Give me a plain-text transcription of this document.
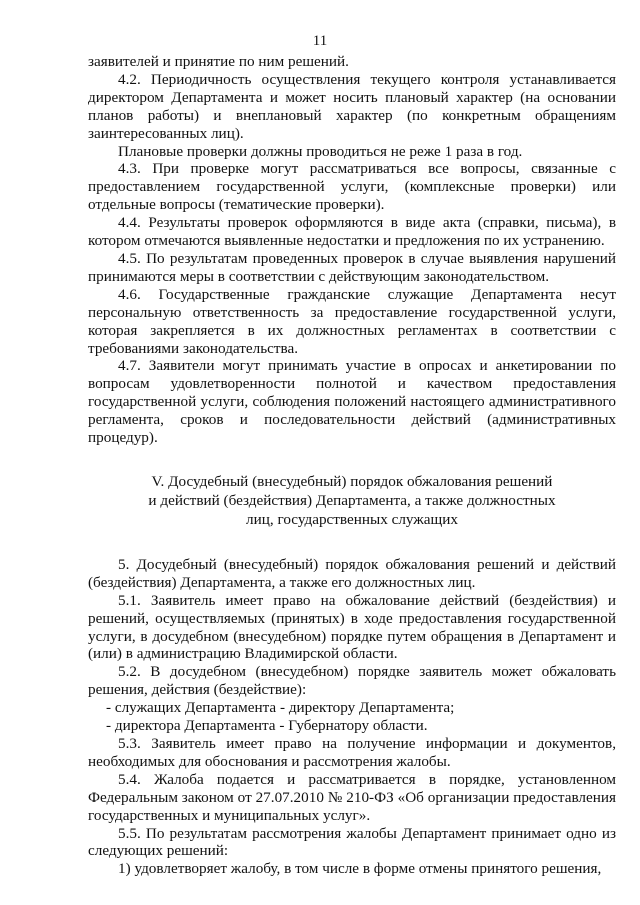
11

заявителей и принятие по ним решений.

4.2. Периодичность осуществления текущего контроля устанавливается директором Департамента и может носить плановый характер (на основании планов работы) и внеплановый характер (по конкретным обращениям заинтересованных лиц).

Плановые проверки должны проводиться не реже 1 раза в год.

4.3. При проверке могут рассматриваться все вопросы, связанные с предоставлением государственной услуги, (комплексные проверки) или отдельные вопросы (тематические проверки).

4.4. Результаты проверок оформляются в виде акта (справки, письма), в котором отмечаются выявленные недостатки и предложения по их устранению.

4.5. По результатам проведенных проверок в случае выявления нарушений принимаются меры в соответствии с действующим законодательством.

4.6. Государственные гражданские служащие Департамента несут персональную ответственность за предоставление государственной услуги, которая закрепляется в их должностных регламентах в соответствии с требованиями законодательства.

4.7. Заявители могут принимать участие в опросах и анкетировании по вопросам удовлетворенности полнотой и качеством предоставления государственной услуги, соблюдения положений настоящего административного регламента, сроков и последовательности действий (административных процедур).

V. Досудебный (внесудебный) порядок обжалования решений
и действий (бездействия) Департамента, а также должностных
лиц, государственных служащих

5. Досудебный (внесудебный) порядок обжалования решений и действий (бездействия) Департамента, а также его должностных лиц.

5.1. Заявитель имеет право на обжалование действий (бездействия) и решений, осуществляемых (принятых) в ходе предоставления государственной услуги, в досудебном (внесудебном) порядке путем обращения в Департамент и (или) в администрацию Владимирской области.

5.2. В досудебном (внесудебном) порядке заявитель может обжаловать решения, действия (бездействие):

- служащих Департамента - директору Департамента;

- директора Департамента - Губернатору области.

5.3. Заявитель имеет право на получение информации и документов, необходимых для обоснования и рассмотрения жалобы.

5.4. Жалоба подается и рассматривается в порядке, установленном Федеральным законом от 27.07.2010 № 210-ФЗ «Об организации предоставления государственных и муниципальных услуг».

5.5. По результатам рассмотрения жалобы Департамент принимает одно из следующих решений:

1) удовлетворяет жалобу, в том числе в форме отмены принятого решения,
